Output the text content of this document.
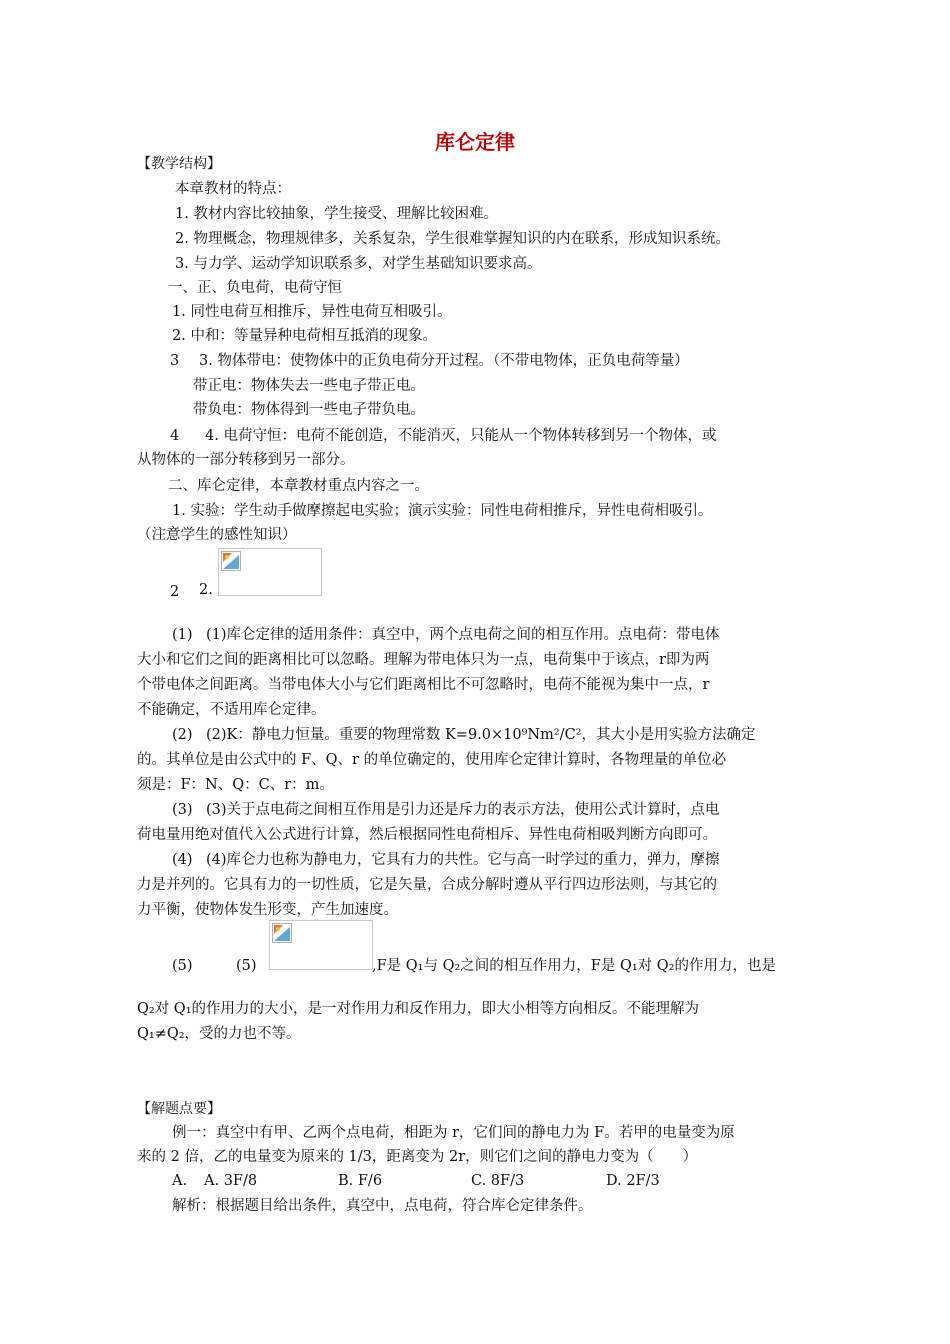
库仑定律
【教学结构】
本章教材的特点：
1. 教材内容比较抽象，学生接受、理解比较困难。
2. 物理概念，物理规律多，关系复杂，学生很难掌握知识的内在联系，形成知识系统。
3. 与力学、运动学知识联系多，对学生基础知识要求高。
一、正、负电荷，电荷守恒
1. 同性电荷互相推斥，异性电荷互相吸引。
2. 中和：等量异种电荷相互抵消的现象。
3 3. 物体带电：使物体中的正负电荷分开过程。（不带电物体，正负电荷等量）
带正电：物体失去一些电子带正电。
带负电：物体得到一些电子带负电。
4 4. 电荷守恒：电荷不能创造，不能消灭，只能从一个物体转移到另一个物体，或
从物体的一部分转移到另一部分。
二、库仑定律，本章教材重点内容之一。
1. 实验：学生动手做摩擦起电实验；演示实验：同性电荷相推斥，异性电荷相吸引。
（注意学生的感性知识）
2 2.
(1) (1)库仑定律的适用条件：真空中，两个点电荷之间的相互作用。点电荷：带电体
大小和它们之间的距离相比可以忽略。理解为带电体只为一点，电荷集中于该点，r即为两
个带电体之间距离。当带电体大小与它们距离相比不可忽略时，电荷不能视为集中一点，r
不能确定，不适用库仑定律。
(2) (2)K：静电力恒量。重要的物理常数 K=9.0×10⁹Nm²/C²，其大小是用实验方法确定
的。其单位是由公式中的 F、Q、r 的单位确定的，使用库仑定律计算时，各物理量的单位必
须是：F：N、Q：C、r：m。
(3) (3)关于点电荷之间相互作用是引力还是斥力的表示方法，使用公式计算时，点电
荷电量用绝对值代入公式进行计算，然后根据同性电荷相斥、异性电荷相吸判断方向即可。
(4) (4)库仑力也称为静电力，它具有力的共性。它与高一时学过的重力，弹力，摩擦
力是并列的。它具有力的一切性质，它是矢量，合成分解时遵从平行四边形法则，与其它的
力平衡，使物体发生形变，产生加速度。
(5)	(5)	,F是 Q₁与 Q₂之间的相互作用力，F是 Q₁对 Q₂的作用力，也是
Q₂对 Q₁的作用力的大小，是一对作用力和反作用力，即大小相等方向相反。不能理解为
Q₁≠Q₂，受的力也不等。
【解题点要】
例一：真空中有甲、乙两个点电荷，相距为 r，它们间的静电力为 F。若甲的电量变为原
来的 2 倍，乙的电量变为原来的 1/3，距离变为 2r，则它们之间的静电力变为（　　）
A. A. 3F/8	B. F/6	C. 8F/3	D. 2F/3
解析：根据题目给出条件，真空中，点电荷，符合库仑定律条件。
